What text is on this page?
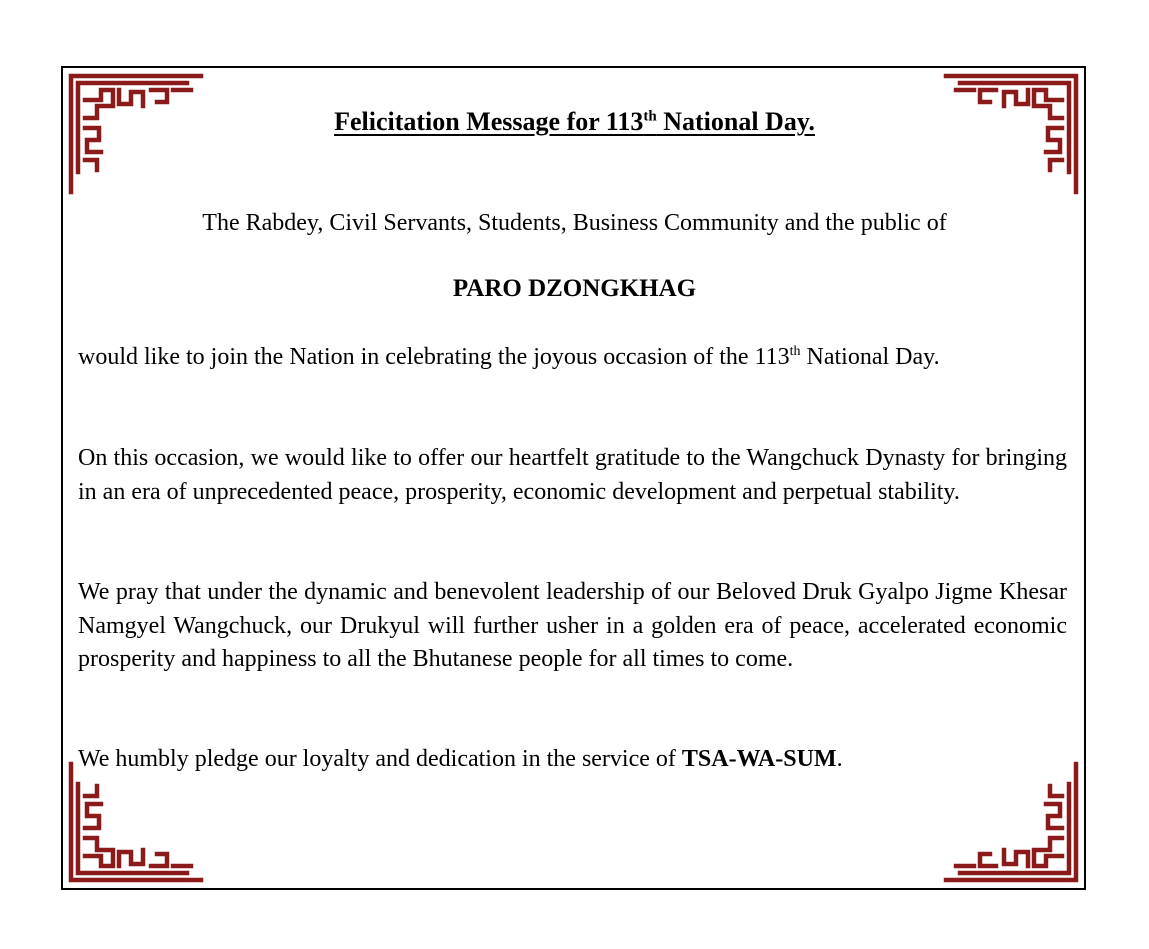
Felicitation Message for 113th National Day.
The Rabdey, Civil Servants, Students, Business Community and the public of
PARO DZONGKHAG

would like to join the Nation in celebrating the joyous occasion of the 113th National Day.

On this occasion, we would like to offer our heartfelt gratitude to the Wangchuck Dynasty for bringing in an era of unprecedented peace, prosperity, economic development and perpetual stability.

We pray that under the dynamic and benevolent leadership of our Beloved Druk Gyalpo Jigme Khesar Namgyel Wangchuck, our Drukyul will further usher in a golden era of peace, accelerated economic prosperity and happiness to all the Bhutanese people for all times to come.

We humbly pledge our loyalty and dedication in the service of TSA-WA-SUM.
